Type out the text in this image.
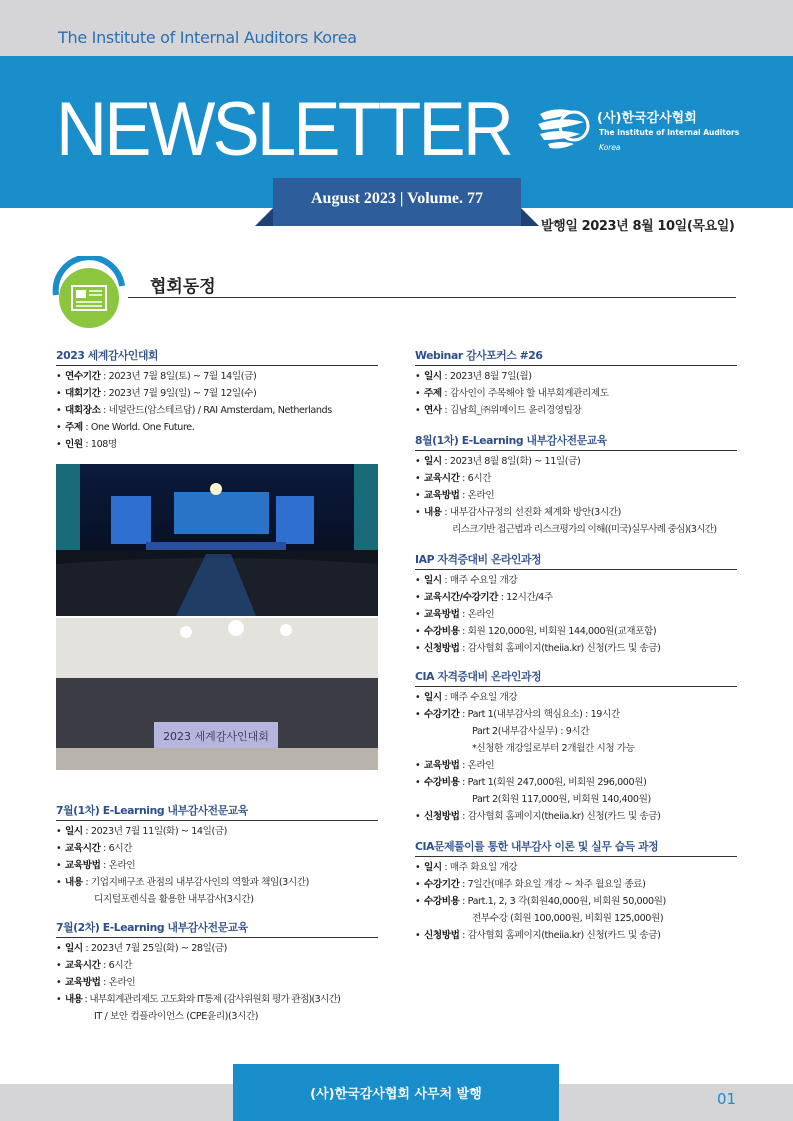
The Institute of Internal Auditors Korea
NEWSLETTER	(사)한국감사협회
The Institute of Internal Auditors
Korea
August 2023 | Volume. 77
발행일 2023년 8월 10일(목요일)
협회동정
2023 세계감사인대회
• 연수기간 : 2023년 7월 8일(토) ~ 7월 14일(금)
• 대회기간 : 2023년 7월 9일(일) ~ 7월 12일(수)
• 대회장소 : 네덜란드(암스테르담) / RAI Amsterdam, Netherlands
• 주제 : One World. One Future.
• 인원 : 108명
2023 세계감사인대회
7월(1차) E-Learning 내부감사전문교육
• 일시 : 2023년 7월 11일(화) ~ 14일(금)
• 교육시간 : 6시간
• 교육방법 : 온라인
• 내용 : 기업지배구조 관점의 내부감사인의 역할과 책임(3시간)
디지털포렌식을 활용한 내부감사(3시간)
7월(2차) E-Learning 내부감사전문교육
• 일시 : 2023년 7월 25일(화) ~ 28일(금)
• 교육시간 : 6시간
• 교육방법 : 온라인
• 내용 : 내부회계관리제도 고도화와 IT통제 (감사위원회 평가 관점)(3시간)
IT / 보안 컴플라이언스 (CPE윤리)(3시간)
Webinar 감사포커스 #26
• 일시 : 2023년 8월 7일(월)
• 주제 : 감사인이 주목해야 할 내부회계관리제도
• 연사 : 김남희_㈜위메이드 윤리경영팀장
8월(1차) E-Learning 내부감사전문교육
• 일시 : 2023년 8월 8일(화) ~ 11일(금)
• 교육시간 : 6시간
• 교육방법 : 온라인
• 내용 : 내부감사규정의 선진화 체계화 방안(3시간)
리스크기반 접근법과 리스크평가의 이해((미국)실무사례 중심)(3시간)
IAP 자격증대비 온라인과정
• 일시 : 매주 수요일 개강
• 교육시간/수강기간 : 12시간/4주
• 교육방법 : 온라인
• 수강비용 : 회원 120,000원, 비회원 144,000원(교재포함)
• 신청방법 : 감사협회 홈페이지(theiia.kr) 신청(카드 및 송금)
CIA 자격증대비 온라인과정
• 일시 : 매주 수요일 개강
• 수강기간 : Part 1(내부감사의 핵심요소) : 19시간
Part 2(내부감사실무) : 9시간
*신청한 개강일로부터 2개월간 시청 가능
• 교육방법 : 온라인
• 수강비용 : Part 1(회원 247,000원, 비회원 296,000원)
Part 2(회원 117,000원, 비회원 140,400원)
• 신청방법 : 감사협회 홈페이지(theiia.kr) 신청(카드 및 송금)
CIA문제풀이를 통한 내부감사 이론 및 실무 습득 과정
• 일시 : 매주 화요일 개강
• 수강기간 : 7일간(매주 화요일 개강 ~ 차주 월요일 종료)
• 수강비용 : Part.1, 2, 3 각(회원40,000원, 비회원 50,000원)
전부수강 (회원 100,000원, 비회원 125,000원)
• 신청방법 : 감사협회 홈페이지(theiia.kr) 신청(카드 및 송금)
(사)한국감사협회 사무처 발행	01
